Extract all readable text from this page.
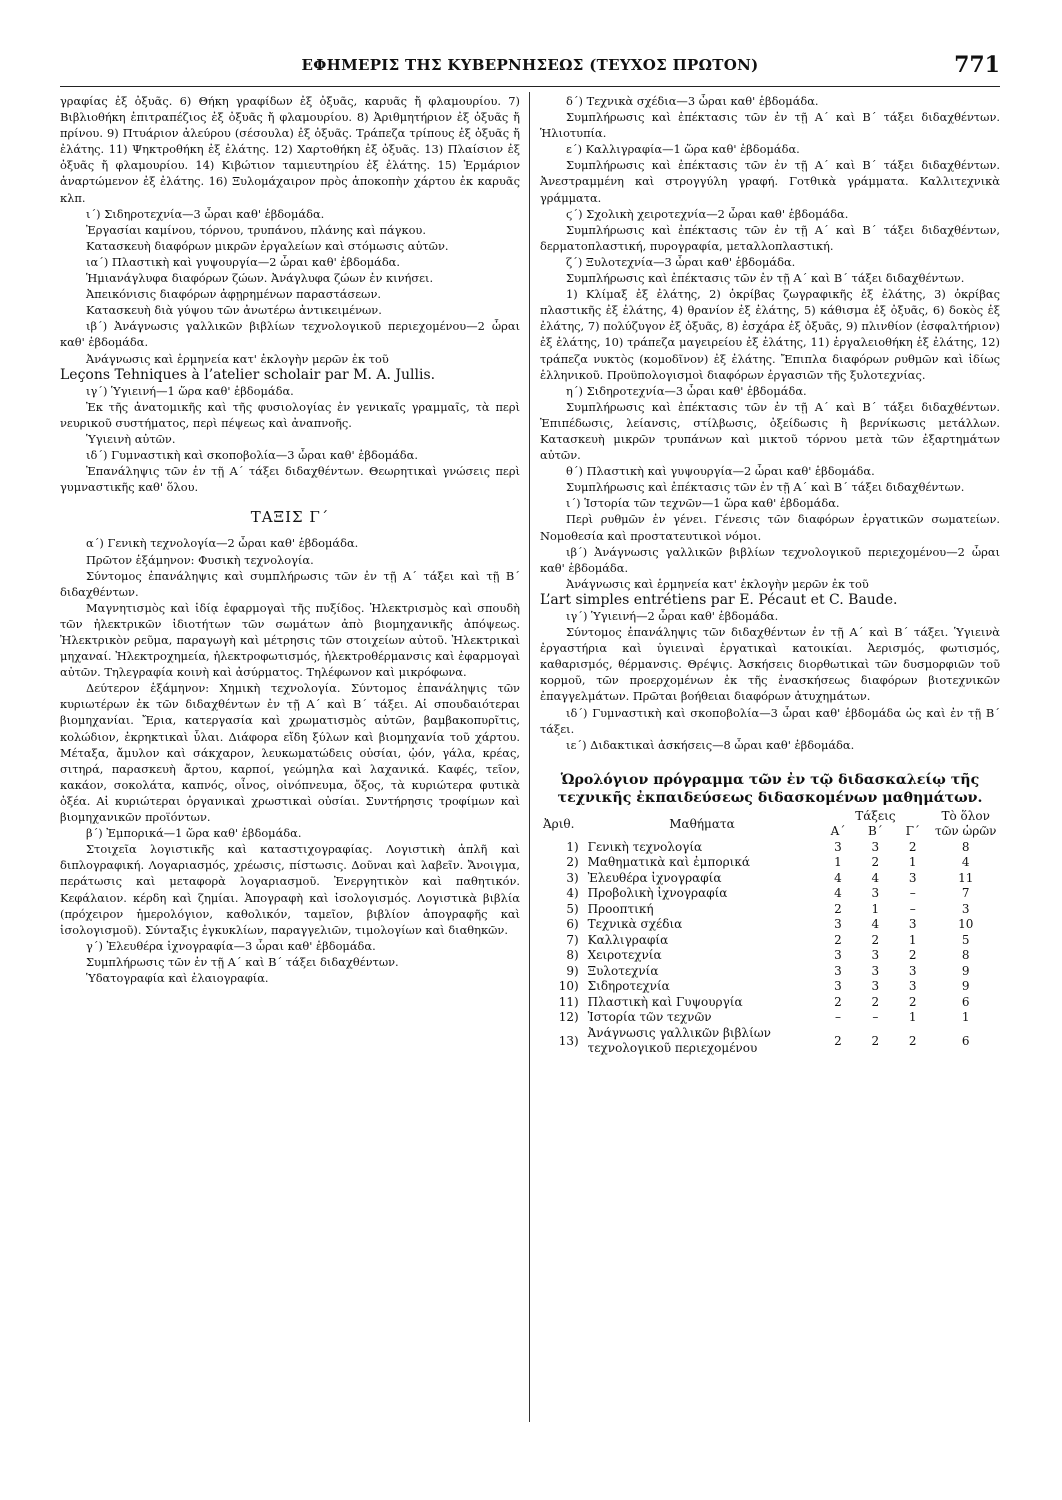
ΕΦΗΜΕΡΙΣ ΤΗΣ ΚΥΒΕΡΝΗΣΕΩΣ (ΤΕΥΧΟΣ ΠΡΩΤΟΝ)	771

γραφίας ἐξ ὀξυᾶς. 6) Θήκη γραφίδων ἐξ ὀξυᾶς, καρυᾶς ἤ φλαμουρίου. 7) Βιβλιοθήκη ἐπιτραπέζιος ἐξ ὀξυᾶς ἤ φλαμουρίου. 8) Ἀριθμητήριον ἐξ ὀξυᾶς ἤ πρίνου. 9) Πτυάριον ἀλεύρου (σέσουλα) ἐξ ὀξυᾶς. Τράπεζα τρίπους ἐξ ὀξυᾶς ἤ ἐλάτης. 11) Ψηκτροθήκη ἐξ ἐλάτης. 12) Χαρτοθήκη ἐξ ὀξυᾶς. 13) Πλαίσιον ἐξ ὀξυᾶς ἤ φλαμουρίου. 14) Κιβώτιον ταμιευτηρίου ἐξ ἐλάτης. 15) Ἑρμάριον ἀναρτώμενον ἐξ ἐλάτης. 16) Ξυλομάχαιρον πρὸς ἀποκοπὴν χάρτου ἐκ καρυᾶς κλπ.

ι΄) Σιδηροτεχνία—3 ὧραι καθ' ἑβδομάδα.

Ἐργασίαι καμίνου, τόρνου, τρυπάνου, πλάνης καὶ πάγκου.

Κατασκευὴ διαφόρων μικρῶν ἐργαλείων καὶ στόμωσις αὐτῶν.

ια΄) Πλαστικὴ καὶ γυψουργία—2 ὧραι καθ' ἑβδομάδα.

Ἡμιανάγλυφα διαφόρων ζώων. Ἀνάγλυφα ζώων ἐν κινήσει.

Ἀπεικόνισις διαφόρων ἀφῃρημένων παραστάσεων.

Κατασκευὴ διὰ γύψου τῶν ἀνωτέρω ἀντικειμένων.

ιβ΄) Ἀνάγνωσις γαλλικῶν βιβλίων τεχνολογικοῦ περιεχομένου—2 ὧραι καθ' ἑβδομάδα.

Ἀνάγνωσις καὶ ἑρμηνεία κατ' ἐκλογὴν μερῶν ἐκ τοῦ

Leçons Tehniques à l’atelier scholair par M. A. Jullis.

ιγ΄) Ὑγιεινή—1 ὥρα καθ' ἑβδομάδα.

Ἐκ τῆς ἀνατομικῆς καὶ τῆς φυσιολογίας ἐν γενικαῖς γραμμαῖς, τὰ περὶ νευρικοῦ συστήματος, περὶ πέψεως καὶ ἀναπνοῆς.

Ὑγιεινὴ αὐτῶν.

ιδ΄) Γυμναστικὴ καὶ σκοποβολία—3 ὧραι καθ' ἑβδομάδα.

Ἐπανάληψις τῶν ἐν τῇ Α΄ τάξει διδαχθέντων. Θεωρητικαὶ γνώσεις περὶ γυμναστικῆς καθ' ὅλου.

ΤΑΞΙΣ Γ΄

α΄) Γενικὴ τεχνολογία—2 ὧραι καθ' ἑβδομάδα.

Πρῶτον ἑξάμηνον: Φυσικὴ τεχνολογία.

Σύντομος ἐπανάληψις καὶ συμπλήρωσις τῶν ἐν τῇ Α΄ τάξει καὶ τῇ Β΄ διδαχθέντων.

Μαγνητισμὸς καὶ ἰδίᾳ ἐφαρμογαὶ τῆς πυξίδος. Ἠλεκτρισμὸς καὶ σπουδὴ τῶν ἠλεκτρικῶν ἰδιοτήτων τῶν σωμάτων ἀπὸ βιομηχανικῆς ἀπόψεως. Ἠλεκτρικὸν ρεῦμα, παραγωγὴ καὶ μέτρησις τῶν στοιχείων αὐτοῦ. Ἠλεκτρικαὶ μηχαναί. Ἠλεκτροχημεία, ἠλεκτροφωτισμός, ἠλεκτροθέρμανσις καὶ ἐφαρμογαὶ αὐτῶν. Τηλεγραφία κοινὴ καὶ ἀσύρματος. Τηλέφωνον καὶ μικρόφωνα.

Δεύτερον ἑξάμηνον: Χημικὴ τεχνολογία. Σύντομος ἐπανάληψις τῶν κυριωτέρων ἐκ τῶν διδαχθέντων ἐν τῇ Α΄ καὶ Β΄ τάξει. Αἱ σπουδαιότεραι βιομηχανίαι. Ἔρια, κατεργασία καὶ χρωματισμὸς αὐτῶν, βαμβακοπυρῖτις, κολώδιον, ἐκρηκτικαὶ ὗλαι. Διάφορα εἴδη ξύλων καὶ βιομηχανία τοῦ χάρτου. Μέταξα, ἄμυλον καὶ σάκχαρον, λευκωματώδεις οὐσίαι, ᾠόν, γάλα, κρέας, σιτηρά, παρασκευὴ ἄρτου, καρποί, γεώμηλα καὶ λαχανικά. Καφές, τεῖον, κακάον, σοκολάτα, καπνός, οἶνος, οἰνόπνευμα, ὄξος, τὰ κυριώτερα φυτικὰ ὀξέα. Αἱ κυριώτεραι ὀργανικαὶ χρωστικαὶ οὐσίαι. Συντήρησις τροφίμων καὶ βιομηχανικῶν προϊόντων.

β΄) Ἐμπορικά—1 ὥρα καθ' ἑβδομάδα.

Στοιχεῖα λογιστικῆς καὶ καταστιχογραφίας. Λογιστικὴ ἁπλῆ καὶ διπλογραφική. Λογαριασμός, χρέωσις, πίστωσις. Δοῦναι καὶ λαβεῖν. Ἄνοιγμα, περάτωσις καὶ μεταφορὰ λογαριασμοῦ. Ἐνεργητικὸν καὶ παθητικόν. Κεφάλαιον. κέρδη καὶ ζημίαι. Ἀπογραφὴ καὶ ἰσολογισμός. Λογιστικὰ βιβλία (πρόχειρον ἡμερολόγιον, καθολικόν, ταμεῖον, βιβλίον ἀπογραφῆς καὶ ἰσολογισμοῦ). Σύνταξις ἐγκυκλίων, παραγγελιῶν, τιμολογίων καὶ διαθηκῶν.

γ΄) Ἐλευθέρα ἰχνογραφία—3 ὧραι καθ' ἑβδομάδα.

Συμπλήρωσις τῶν ἐν τῇ Α΄ καὶ Β΄ τάξει διδαχθέντων.

Ὑδατογραφία καὶ ἐλαιογραφία.

δ΄) Τεχνικὰ σχέδια—3 ὧραι καθ' ἑβδομάδα.

Συμπλήρωσις καὶ ἐπέκτασις τῶν ἐν τῇ Α΄ καὶ Β΄ τάξει διδαχθέντων. Ἡλιοτυπία.

ε΄) Καλλιγραφία—1 ὥρα καθ' ἑβδομάδα.

Συμπλήρωσις καὶ ἐπέκτασις τῶν ἐν τῇ Α΄ καὶ Β΄ τάξει διδαχθέντων. Ἀνεστραμμένη καὶ στρογγύλη γραφή. Γοτθικὰ γράμματα. Καλλιτεχνικὰ γράμματα.

ϛ΄) Σχολικὴ χειροτεχνία—2 ὧραι καθ' ἑβδομάδα.

Συμπλήρωσις καὶ ἐπέκτασις τῶν ἐν τῇ Α΄ καὶ Β΄ τάξει διδαχθέντων, δερματοπλαστική, πυρογραφία, μεταλλοπλαστική.

ζ΄) Ξυλοτεχνία—3 ὧραι καθ' ἑβδομάδα.

Συμπλήρωσις καὶ ἐπέκτασις τῶν ἐν τῇ Α΄ καὶ Β΄ τάξει διδαχθέντων.

1) Κλίμαξ ἐξ ἐλάτης, 2) ὀκρίβας ζωγραφικῆς ἐξ ἐλάτης, 3) ὀκρίβας πλαστικῆς ἐξ ἐλάτης, 4) θρανίον ἐξ ἐλάτης, 5) κάθισμα ἐξ ὀξυᾶς, 6) δοκὸς ἐξ ἐλάτης, 7) πολύζυγον ἐξ ὀξυᾶς, 8) ἐσχάρα ἐξ ὀξυᾶς, 9) πλινθίον (ἐσφαλτήριον) ἐξ ἐλάτης, 10) τράπεζα μαγειρείου ἐξ ἐλάτης, 11) ἐργαλειοθήκη ἐξ ἐλάτης, 12) τράπεζα νυκτὸς (κομοδῖνον) ἐξ ἐλάτης. Ἔπιπλα διαφόρων ρυθμῶν καὶ ἰδίως ἑλληνικοῦ. Προϋπολογισμοὶ διαφόρων ἐργασιῶν τῆς ξυλοτεχνίας.

η΄) Σιδηροτεχνία—3 ὧραι καθ' ἑβδομάδα.

Συμπλήρωσις καὶ ἐπέκτασις τῶν ἐν τῇ Α΄ καὶ Β΄ τάξει διδαχθέντων. Ἐπιπέδωσις, λείανσις, στίλβωσις, ὀξείδωσις ἢ βερνίκωσις μετάλλων. Κατασκευὴ μικρῶν τρυπάνων καὶ μικτοῦ τόρνου μετὰ τῶν ἐξαρτημάτων αὐτῶν.

θ΄) Πλαστικὴ καὶ γυψουργία—2 ὧραι καθ' ἑβδομάδα.

Συμπλήρωσις καὶ ἐπέκτασις τῶν ἐν τῇ Α΄ καὶ Β΄ τάξει διδαχθέντων.

ι΄) Ἱστορία τῶν τεχνῶν—1 ὥρα καθ' ἑβδομάδα.

Περὶ ρυθμῶν ἐν γένει. Γένεσις τῶν διαφόρων ἐργατικῶν σωματείων. Νομοθεσία καὶ προστατευτικοὶ νόμοι.

ιβ΄) Ἀνάγνωσις γαλλικῶν βιβλίων τεχνολογικοῦ περιεχομένου—2 ὧραι καθ' ἑβδομάδα.

Ἀνάγνωσις καὶ ἑρμηνεία κατ' ἐκλογὴν μερῶν ἐκ τοῦ

L’art simples entrétiens par E. Pécaut et C. Baude.

ιγ΄) Ὑγιεινή—2 ὧραι καθ' ἑβδομάδα.

Σύντομος ἐπανάληψις τῶν διδαχθέντων ἐν τῇ Α΄ καὶ Β΄ τάξει. Ὑγιεινὰ ἐργαστήρια καὶ ὑγιειναὶ ἐργατικαὶ κατοικίαι. Ἀερισμός, φωτισμός, καθαρισμός, θέρμανσις. Θρέψις. Ἀσκήσεις διορθωτικαὶ τῶν δυσμορφιῶν τοῦ κορμοῦ, τῶν προερχομένων ἐκ τῆς ἐνασκήσεως διαφόρων βιοτεχνικῶν ἐπαγγελμάτων. Πρῶται βοήθειαι διαφόρων ἀτυχημάτων.

ιδ΄) Γυμναστικὴ καὶ σκοποβολία—3 ὧραι καθ' ἑβδομάδα ὡς καὶ ἐν τῇ Β΄ τάξει.

ιε΄) Διδακτικαὶ ἀσκήσεις—8 ὧραι καθ' ἑβδομάδα.

Ὡρολόγιον πρόγραμμα τῶν ἐν τῷ διδασκαλείῳ τῆς τεχνικῆς ἐκπαιδεύσεως διδασκομένων μαθημάτων.

Ἀριθ.	Μαθήματα	Τάξεις			Τὸ ὅλον τῶν ὡρῶν
		Α΄	Β΄	Γ΄	
1)	Γενικὴ τεχνολογία	3	3	2	8
2)	Μαθηματικὰ καὶ ἐμπορικά	1	2	1	4
3)	Ἐλευθέρα ἰχνογραφία	4	4	3	11
4)	Προβολικὴ ἰχνογραφία	4	3	–	7
5)	Προοπτική	2	1	–	3
6)	Τεχνικὰ σχέδια	3	4	3	10
7)	Καλλιγραφία	2	2	1	5
8)	Χειροτεχνία	3	3	2	8
9)	Ξυλοτεχνία	3	3	3	9
10)	Σιδηροτεχνία	3	3	3	9
11)	Πλαστικὴ καὶ Γυψουργία	2	2	2	6
12)	Ἱστορία τῶν τεχνῶν	–	–	1	1
13)	Ἀνάγνωσις γαλλικῶν βιβλίων τεχνολογικοῦ περιεχομένου	2	2	2	6
